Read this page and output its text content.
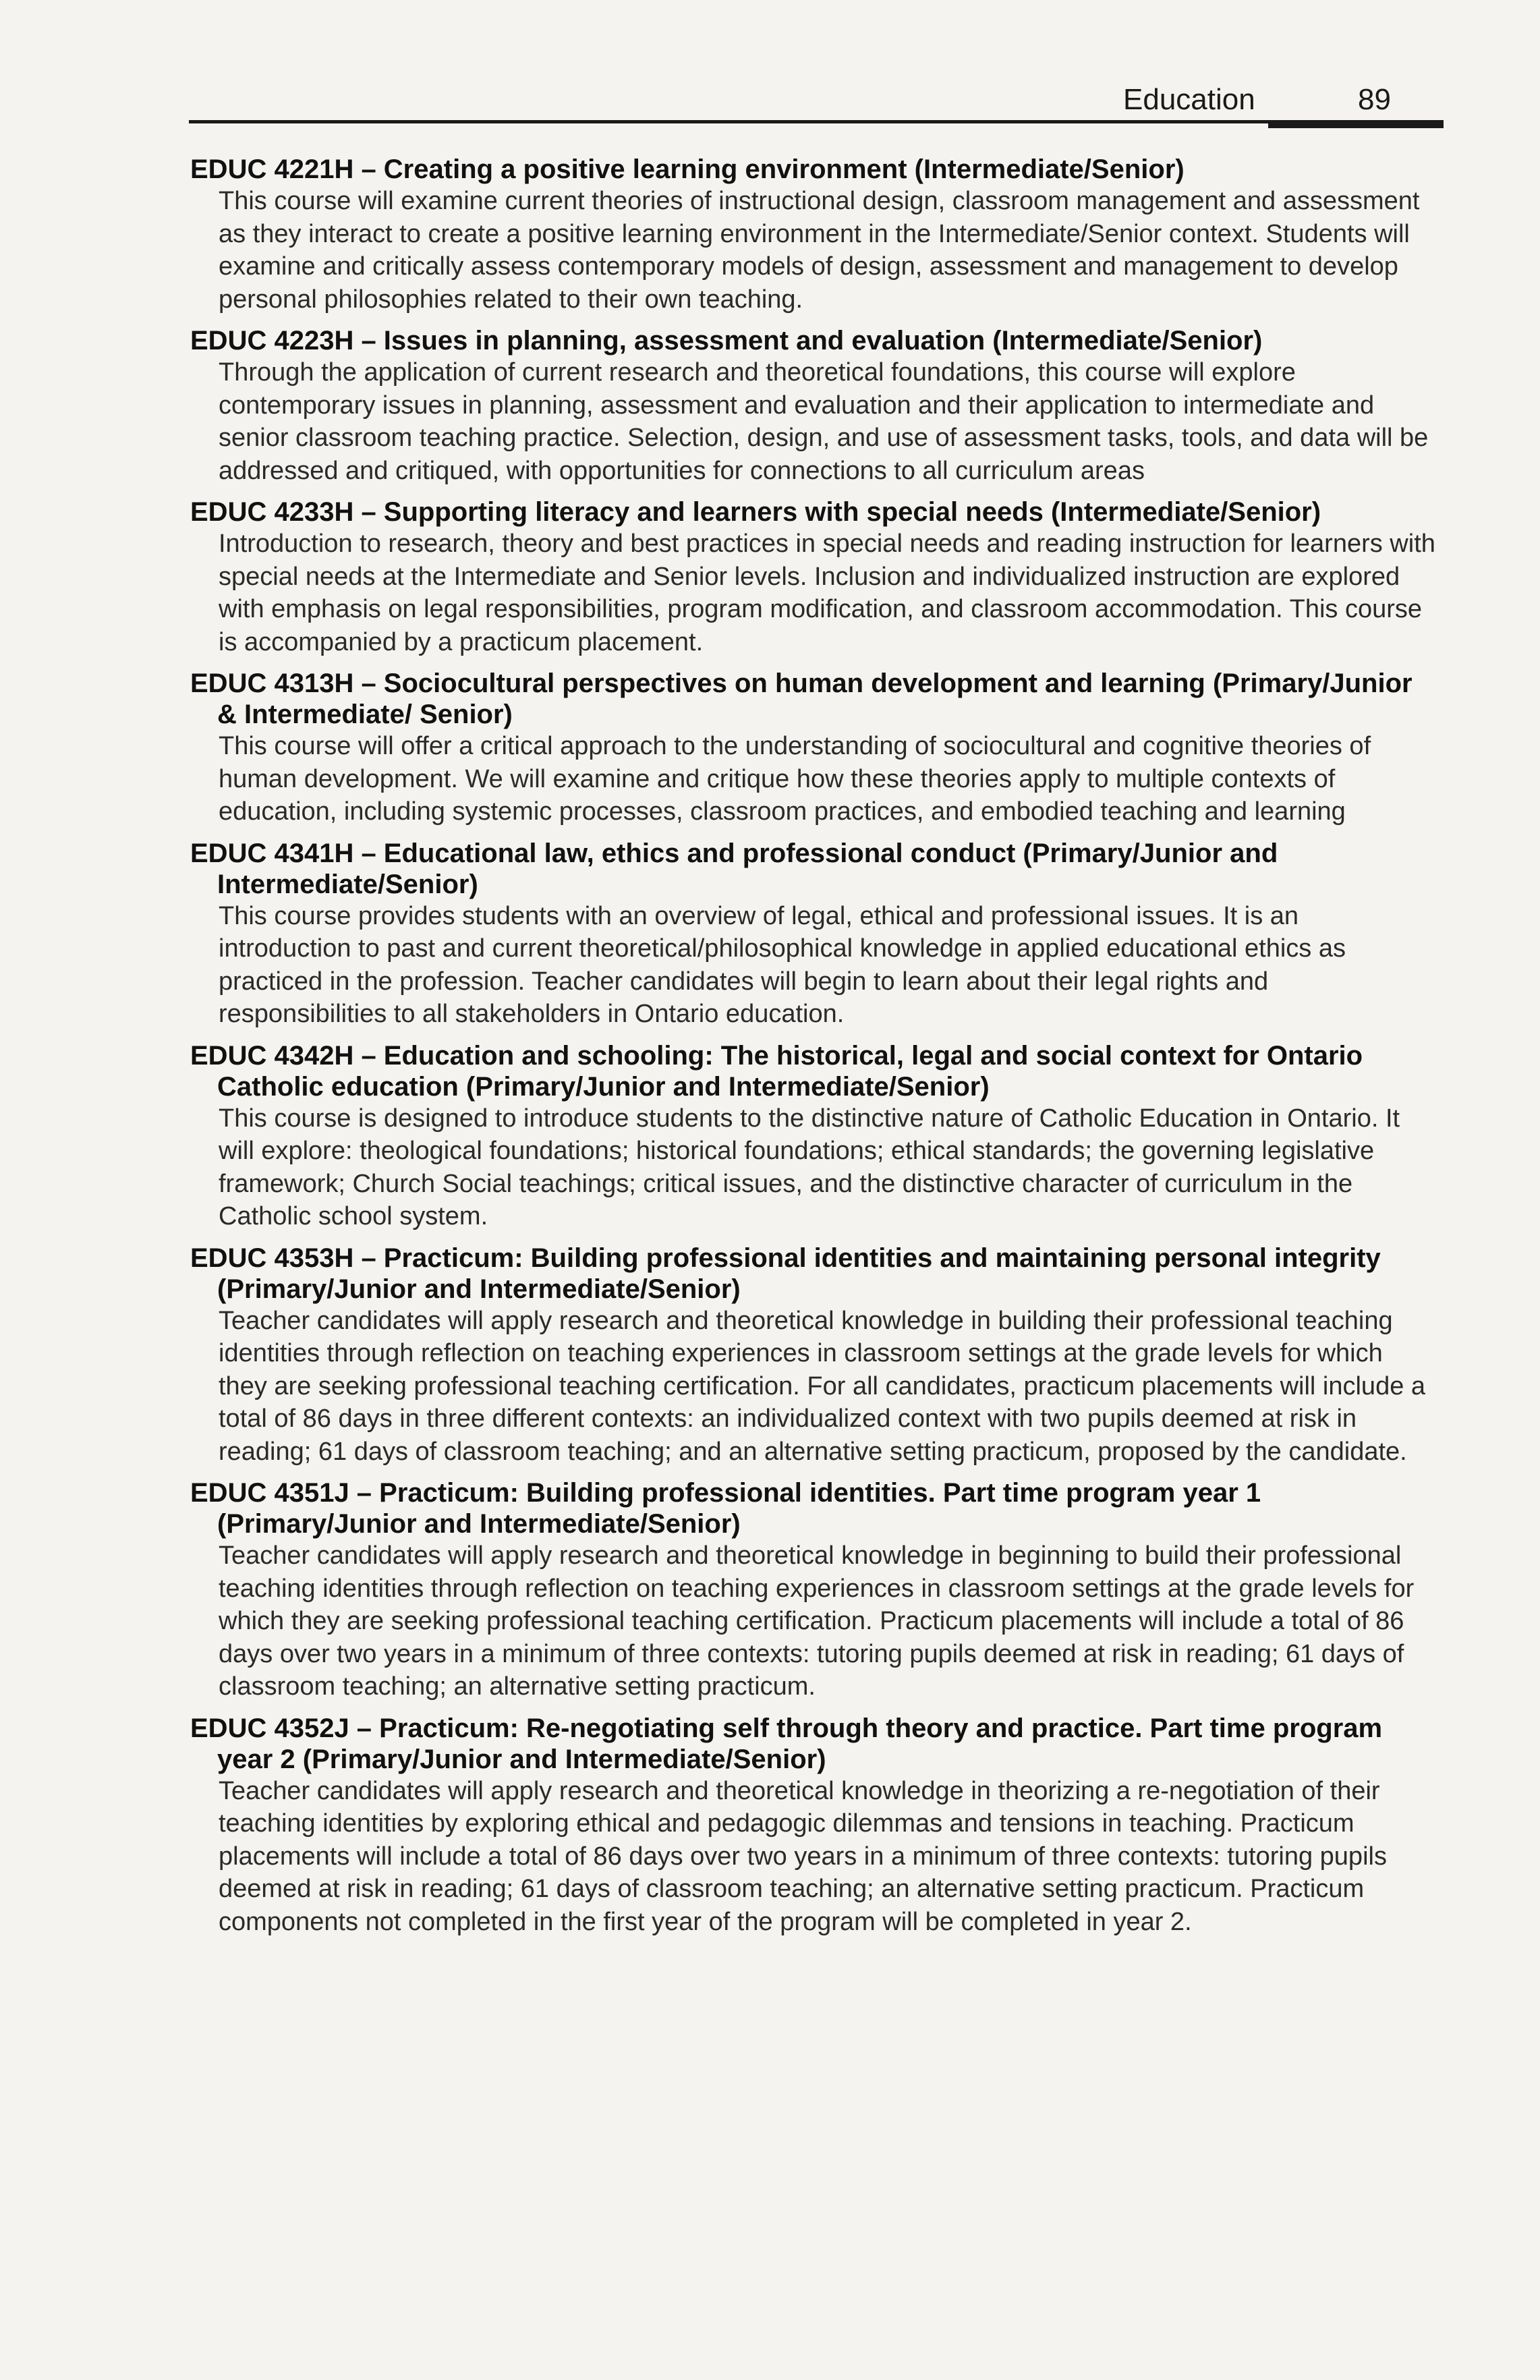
Education	89

EDUC 4221H – Creating a positive learning environment (Intermediate/Senior)

This course will examine current theories of instructional design, classroom management and assessment as they interact to create a positive learning environment in the Intermediate/Senior context. Students will examine and critically assess contemporary models of design, assessment and management to develop personal philosophies related to their own teaching.

EDUC 4223H – Issues in planning, assessment and evaluation (Intermediate/Senior)

Through the application of current research and theoretical foundations, this course will explore contemporary issues in planning, assessment and evaluation and their application to intermediate and senior classroom teaching practice. Selection, design, and use of assessment tasks, tools, and data will be addressed and critiqued, with opportunities for connections to all curriculum areas

EDUC 4233H – Supporting literacy and learners with special needs (Intermediate/Senior)

Introduction to research, theory and best practices in special needs and reading instruction for learners with special needs at the Intermediate and Senior levels. Inclusion and individualized instruction are explored with emphasis on legal responsibilities, program modification, and classroom accommodation. This course is accompanied by a practicum placement.

EDUC 4313H – Sociocultural perspectives on human development and learning (Primary/Junior & Intermediate/ Senior)

This course will offer a critical approach to the understanding of sociocultural and cognitive theories of human development. We will examine and critique how these theories apply to multiple contexts of education, including systemic processes, classroom practices, and embodied teaching and learning

EDUC 4341H – Educational law, ethics and professional conduct (Primary/Junior and Intermediate/Senior)

This course provides students with an overview of legal, ethical and professional issues. It is an introduction to past and current theoretical/philosophical knowledge in applied educational ethics as practiced in the profession. Teacher candidates will begin to learn about their legal rights and responsibilities to all stakeholders in Ontario education.

EDUC 4342H – Education and schooling: The historical, legal and social context for Ontario Catholic education (Primary/Junior and Intermediate/Senior)

This course is designed to introduce students to the distinctive nature of Catholic Education in Ontario. It will explore: theological foundations; historical foundations; ethical standards; the governing legislative framework; Church Social teachings; critical issues, and the distinctive character of curriculum in the Catholic school system.

EDUC 4353H – Practicum: Building professional identities and maintaining personal integrity (Primary/Junior and Intermediate/Senior)

Teacher candidates will apply research and theoretical knowledge in building their professional teaching identities through reflection on teaching experiences in classroom settings at the grade levels for which they are seeking professional teaching certification. For all candidates, practicum placements will include a total of 86 days in three different contexts: an individualized context with two pupils deemed at risk in reading; 61 days of classroom teaching; and an alternative setting practicum, proposed by the candidate.

EDUC 4351J – Practicum: Building professional identities. Part time program year 1 (Primary/Junior and Intermediate/Senior)

Teacher candidates will apply research and theoretical knowledge in beginning to build their professional teaching identities through reflection on teaching experiences in classroom settings at the grade levels for which they are seeking professional teaching certification. Practicum placements will include a total of 86 days over two years in a minimum of three contexts: tutoring pupils deemed at risk in reading; 61 days of classroom teaching; an alternative setting practicum.

EDUC 4352J – Practicum: Re-negotiating self through theory and practice. Part time program year 2 (Primary/Junior and Intermediate/Senior)

Teacher candidates will apply research and theoretical knowledge in theorizing a re-negotiation of their teaching identities by exploring ethical and pedagogic dilemmas and tensions in teaching. Practicum placements will include a total of 86 days over two years in a minimum of three contexts: tutoring pupils deemed at risk in reading; 61 days of classroom teaching; an alternative setting practicum. Practicum components not completed in the first year of the program will be completed in year 2.
